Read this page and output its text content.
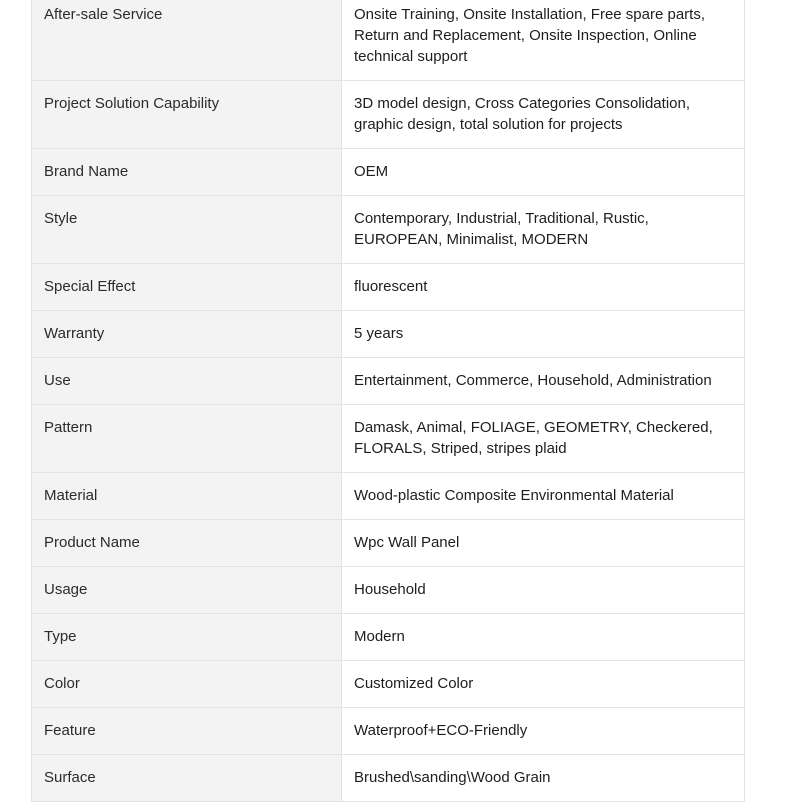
After-sale Service	Onsite Training, Onsite Installation, Free spare parts, Return and Replacement, Onsite Inspection, Online technical support
Project Solution Capability	3D model design, Cross Categories Consolidation, graphic design, total solution for projects
Brand Name	OEM
Style	Contemporary, Industrial, Traditional, Rustic, EUROPEAN, Minimalist, MODERN
Special Effect	fluorescent
Warranty	5 years
Use	Entertainment, Commerce, Household, Administration
Pattern	Damask, Animal, FOLIAGE, GEOMETRY, Checkered, FLORALS, Striped, stripes plaid
Material	Wood-plastic Composite Environmental Material
Product Name	Wpc Wall Panel
Usage	Household
Type	Modern
Color	Customized Color
Feature	Waterproof+ECO-Friendly
Surface	Brushed\sanding\Wood Grain
